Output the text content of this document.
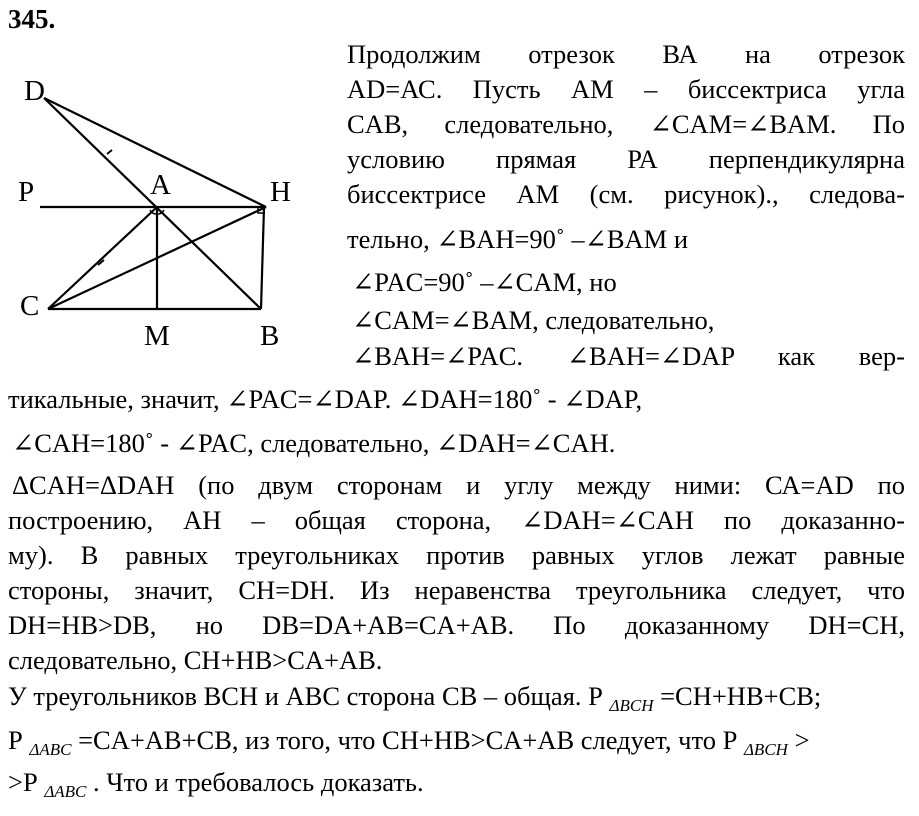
345.
D
P	A	H
C
M	B
Продолжим отрезок ВА на отрезок
AD=АС. Пусть АМ – биссектриса угла
CAB, следовательно, ∠CAM=∠BAM. По
условию прямая РА перпендикулярна
биссектрисе АМ (см. рисунок)., следова-
тельно, ∠BAH=90˚ –∠BAM и
∠PAC=90˚ –∠CAM, но
∠CAM=∠BAM, следовательно,
∠BAH=∠PAC. ∠BAH=∠DAP как вер-
тикальные, значит, ∠PAC=∠DAP. ∠DAH=180˚ - ∠DAP,
∠CAH=180˚ - ∠PAC, следовательно, ∠DAH=∠CAH.
ΔCAH=ΔDAH (по двум сторонам и углу между ними: СА=AD по
построению, АН – общая сторона, ∠DAH=∠CAH по доказанно-
му). В равных треугольниках против равных углов лежат равные
стороны, значит, CH=DH. Из неравенства треугольника следует, что
DH=HB>DB, но DB=DA+AB=CA+AB. По доказанному DH=CH,
следовательно, CH+HB>CA+AB.
У треугольников ВСН и АВС сторона СВ – общая. Р $_{\Delta BCH}$ =CH+HB+CB;
Р $_{\Delta ABC}$ =CA+AB+CB, из того, что CH+HB>CA+AB следует, что Р $_{\Delta BCH}$ >
>Р $_{\Delta ABC}$ . Что и требовалось доказать.
